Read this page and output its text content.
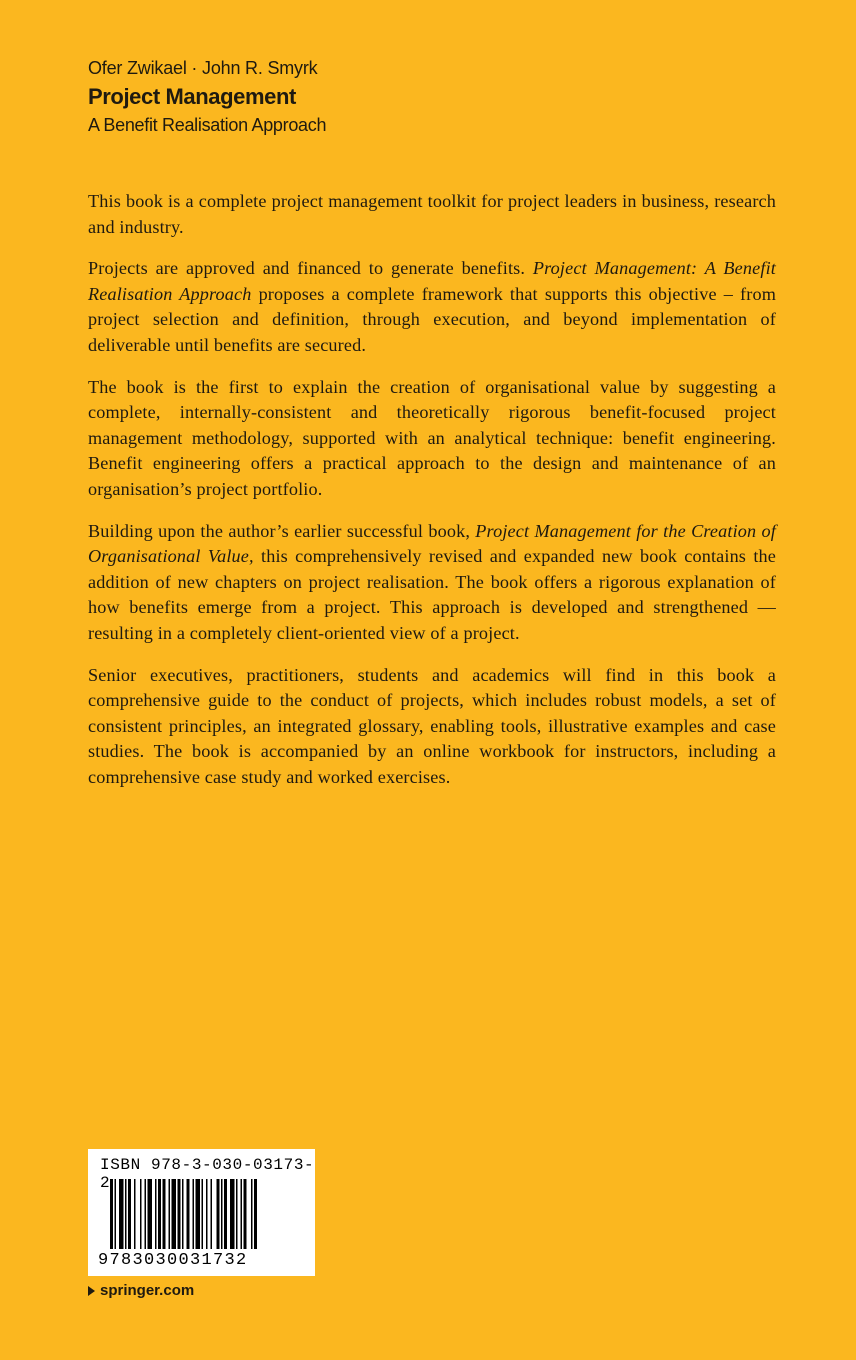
Ofer Zwikael · John R. Smyrk
Project Management
A Benefit Realisation Approach

This book is a complete project management toolkit for project leaders in business, research and industry.

Projects are approved and financed to generate benefits. Project Management: A Benefit Realisation Approach proposes a complete framework that supports this objective – from project selection and definition, through execution, and beyond implementation of deliverable until benefits are secured.

The book is the first to explain the creation of organisational value by suggesting a complete, internally-consistent and theoretically rigorous benefit-focused project management methodology, supported with an analytical technique: benefit engineering. Benefit engineering offers a practical approach to the design and maintenance of an organisation’s project portfolio.

Building upon the author’s earlier successful book, Project Management for the Creation of Organisational Value, this comprehensively revised and expanded new book contains the addition of new chapters on project realisation. The book offers a rigorous explanation of how benefits emerge from a project. This approach is developed and strengthened — resulting in a completely client-oriented view of a project.

Senior executives, practitioners, students and academics will find in this book a comprehensive guide to the conduct of projects, which includes robust models, a set of consistent principles, an integrated glossary, enabling tools, illustrative examples and case studies. The book is accompanied by an online workbook for instructors, including a comprehensive case study and worked exercises.

ISBN 978-3-030-03173-2
9783030031732
springer.com
